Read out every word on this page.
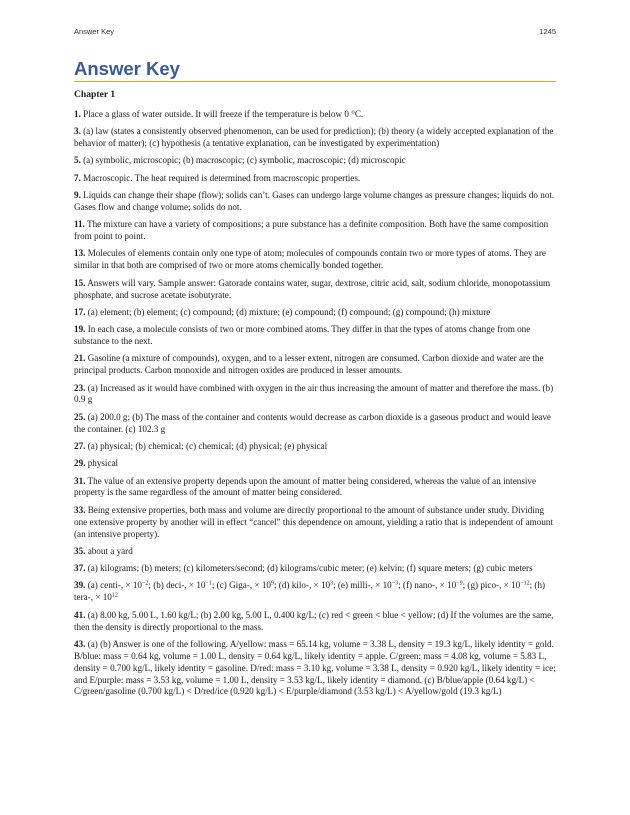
Answer Key	1245
Answer Key
Chapter 1

1. Place a glass of water outside. It will freeze if the temperature is below 0 °C.

3. (a) law (states a consistently observed phenomenon, can be used for prediction); (b) theory (a widely accepted explanation of the behavior of matter); (c) hypothesis (a tentative explanation, can be investigated by experimentation)

5. (a) symbolic, microscopic; (b) macroscopic; (c) symbolic, macroscopic; (d) microscopic

7. Macroscopic. The heat required is determined from macroscopic properties.

9. Liquids can change their shape (flow); solids can’t. Gases can undergo large volume changes as pressure changes; liquids do not. Gases flow and change volume; solids do not.

11. The mixture can have a variety of compositions; a pure substance has a definite composition. Both have the same composition from point to point.

13. Molecules of elements contain only one type of atom; molecules of compounds contain two or more types of atoms. They are similar in that both are comprised of two or more atoms chemically bonded together.

15. Answers will vary. Sample answer: Gatorade contains water, sugar, dextrose, citric acid, salt, sodium chloride, monopotassium phosphate, and sucrose acetate isobutyrate.

17. (a) element; (b) element; (c) compound; (d) mixture; (e) compound; (f) compound; (g) compound; (h) mixture

19. In each case, a molecule consists of two or more combined atoms. They differ in that the types of atoms change from one substance to the next.

21. Gasoline (a mixture of compounds), oxygen, and to a lesser extent, nitrogen are consumed. Carbon dioxide and water are the principal products. Carbon monoxide and nitrogen oxides are produced in lesser amounts.

23. (a) Increased as it would have combined with oxygen in the air thus increasing the amount of matter and therefore the mass. (b) 0.9 g

25. (a) 200.0 g; (b) The mass of the container and contents would decrease as carbon dioxide is a gaseous product and would leave the container. (c) 102.3 g

27. (a) physical; (b) chemical; (c) chemical; (d) physical; (e) physical

29. physical

31. The value of an extensive property depends upon the amount of matter being considered, whereas the value of an intensive property is the same regardless of the amount of matter being considered.

33. Being extensive properties, both mass and volume are directly proportional to the amount of substance under study. Dividing one extensive property by another will in effect “cancel” this dependence on amount, yielding a ratio that is independent of amount (an intensive property).

35. about a yard

37. (a) kilograms; (b) meters; (c) kilometers/second; (d) kilograms/cubic meter; (e) kelvin; (f) square meters; (g) cubic meters

39. (a) centi-, × $10^{-2}$; (b) deci-, × $10^{-1}$; (c) Giga-, × $10^9$; (d) kilo-, × $10^3$; (e) milli-, × $10^{-3}$; (f) nano-, × $10^{-9}$; (g) pico-, × $10^{-12}$; (h) tera-, × $10^{12}$

41. (a) 8.00 kg, 5.00 L, 1.60 kg/L; (b) 2.00 kg, 5.00 L, 0.400 kg/L; (c) red < green < blue < yellow; (d) If the volumes are the same, then the density is directly proportional to the mass.

43. (a) (b) Answer is one of the following. A/yellow: mass = 65.14 kg, volume = 3.38 L, density = 19.3 kg/L, likely identity = gold. B/blue: mass = 0.64 kg, volume = 1.00 L, density = 0.64 kg/L, likely identity = apple. C/green: mass = 4.08 kg, volume = 5.83 L, density = 0.700 kg/L, likely identity = gasoline. D/red: mass = 3.10 kg, volume = 3.38 L, density = 0.920 kg/L, likely identity = ice; and E/purple: mass = 3.53 kg, volume = 1.00 L, density = 3.53 kg/L, likely identity = diamond. (c) B/blue/apple (0.64 kg/L) < C/green/gasoline (0.700 kg/L) < D/red/ice (0.920 kg/L) < E/purple/diamond (3.53 kg/L) < A/yellow/gold (19.3 kg/L)
